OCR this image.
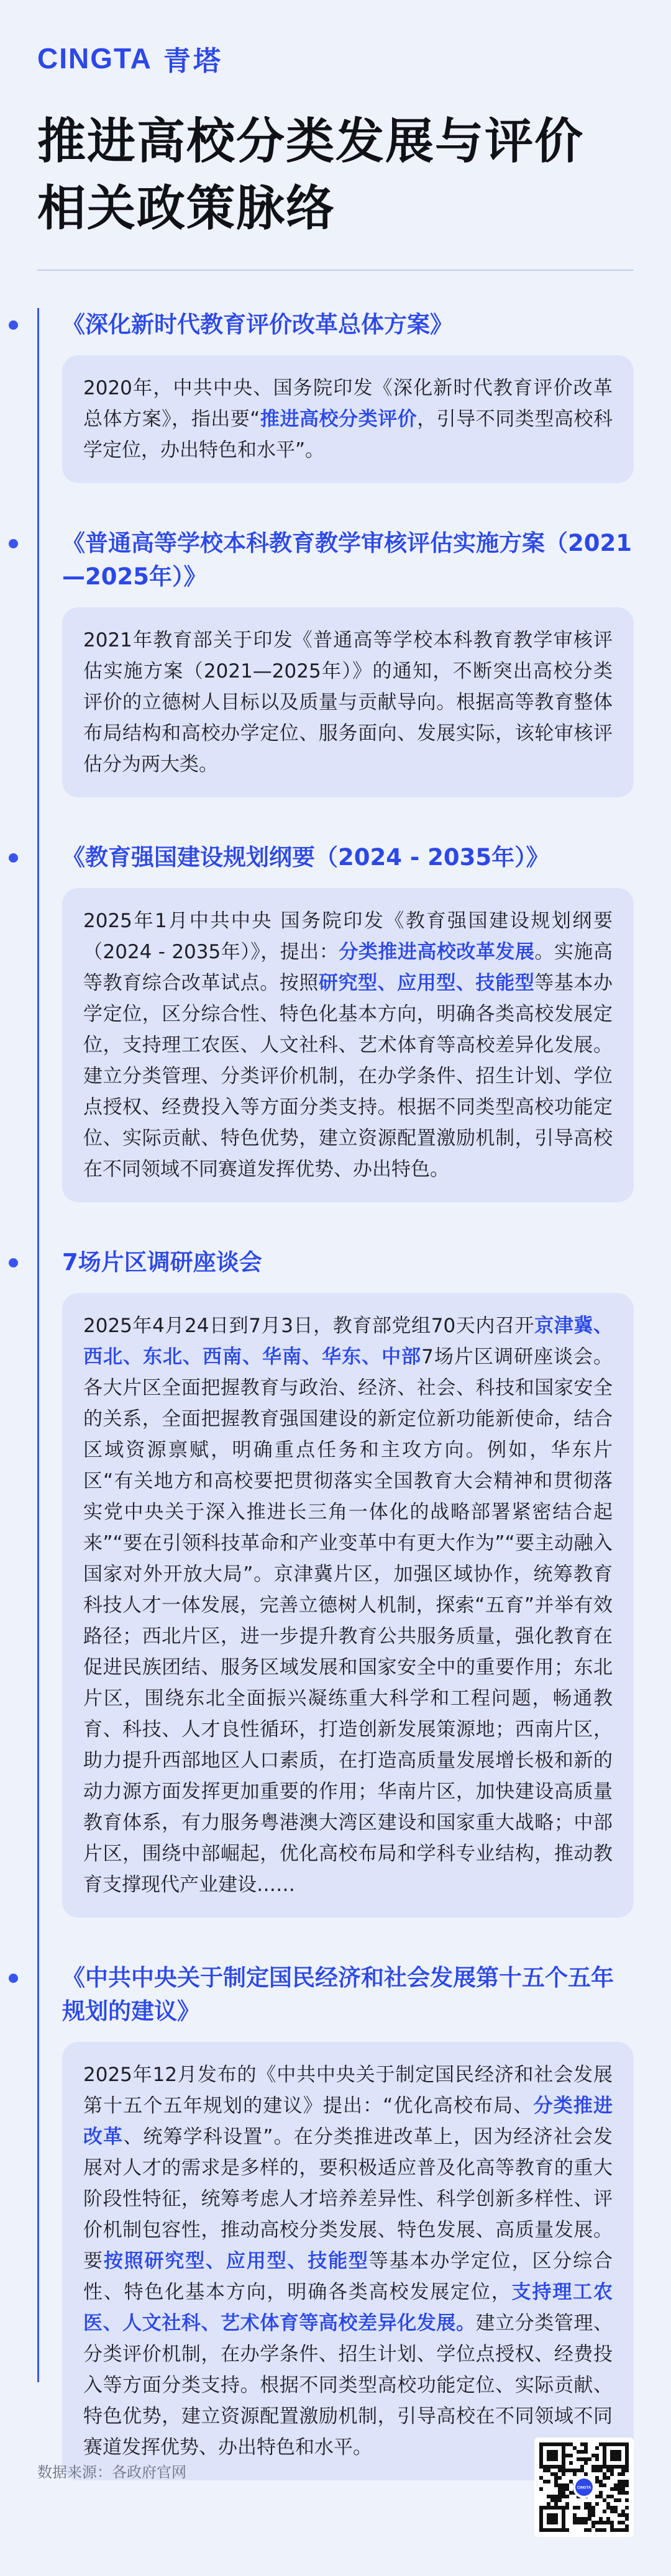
CINGTA 青塔
推进高校分类发展与评价
相关政策脉络
《深化新时代教育评价改革总体方案》
2020年，中共中央、国务院印发《深化新时代教育评价改革总体方案》，指出要“推进高校分类评价，引导不同类型高校科学定位，办出特色和水平”。
《普通高等学校本科教育教学审核评估实施方案（2021—2025年）》
2021年教育部关于印发《普通高等学校本科教育教学审核评估实施方案（2021—2025年）》的通知，不断突出高校分类评价的立德树人目标以及质量与贡献导向。根据高等教育整体布局结构和高校办学定位、服务面向、发展实际，该轮审核评估分为两大类。
《教育强国建设规划纲要（2024 - 2035年）》
2025年1月中共中央 国务院印发《教育强国建设规划纲要（2024 - 2035年）》，提出：分类推进高校改革发展。实施高等教育综合改革试点。按照研究型、应用型、技能型等基本办学定位，区分综合性、特色化基本方向，明确各类高校发展定位，支持理工农医、人文社科、艺术体育等高校差异化发展。建立分类管理、分类评价机制，在办学条件、招生计划、学位点授权、经费投入等方面分类支持。根据不同类型高校功能定位、实际贡献、特色优势，建立资源配置激励机制，引导高校在不同领域不同赛道发挥优势、办出特色。
7场片区调研座谈会
2025年4月24日到7月3日，教育部党组70天内召开京津冀、西北、东北、西南、华南、华东、中部7场片区调研座谈会。各大片区全面把握教育与政治、经济、社会、科技和国家安全的关系，全面把握教育强国建设的新定位新功能新使命，结合区域资源禀赋，明确重点任务和主攻方向。例如，华东片区“有关地方和高校要把贯彻落实全国教育大会精神和贯彻落实党中央关于深入推进长三角一体化的战略部署紧密结合起来”“要在引领科技革命和产业变革中有更大作为”“要主动融入国家对外开放大局”。京津冀片区，加强区域协作，统筹教育科技人才一体发展，完善立德树人机制，探索“五育”并举有效路径；西北片区，进一步提升教育公共服务质量，强化教育在促进民族团结、服务区域发展和国家安全中的重要作用；东北片区，围绕东北全面振兴凝练重大科学和工程问题，畅通教育、科技、人才良性循环，打造创新发展策源地；西南片区，助力提升西部地区人口素质，在打造高质量发展增长极和新的动力源方面发挥更加重要的作用；华南片区，加快建设高质量教育体系，有力服务粤港澳大湾区建设和国家重大战略；中部片区，围绕中部崛起，优化高校布局和学科专业结构，推动教育支撑现代产业建设……
《中共中央关于制定国民经济和社会发展第十五个五年规划的建议》
2025年12月发布的《中共中央关于制定国民经济和社会发展第十五个五年规划的建议》提出：“优化高校布局、分类推进改革、统筹学科设置”。在分类推进改革上，因为经济社会发展对人才的需求是多样的，要积极适应普及化高等教育的重大阶段性特征，统筹考虑人才培养差异性、科学创新多样性、评价机制包容性，推动高校分类发展、特色发展、高质量发展。要按照研究型、应用型、技能型等基本办学定位，区分综合性、特色化基本方向，明确各类高校发展定位，支持理工农医、人文社科、艺术体育等高校差异化发展。建立分类管理、分类评价机制，在办学条件、招生计划、学位点授权、经费投入等方面分类支持。根据不同类型高校功能定位、实际贡献、特色优势，建立资源配置激励机制，引导高校在不同领域不同赛道发挥优势、办出特色和水平。
数据来源：各政府官网
CINGTA
